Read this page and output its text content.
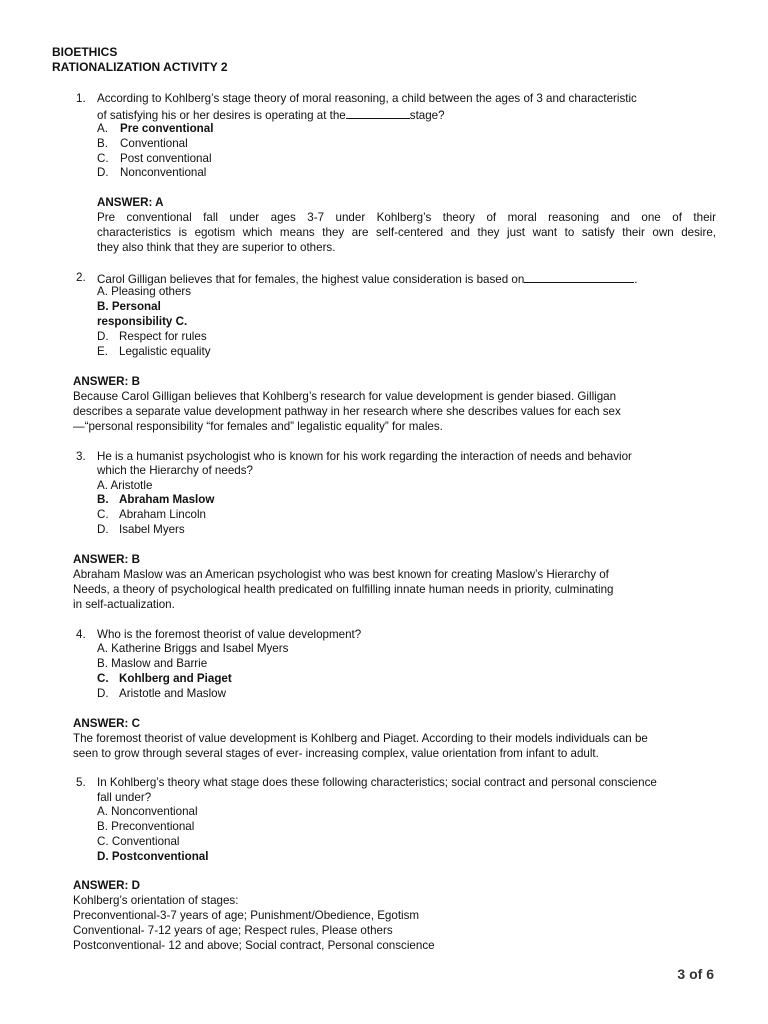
BIOETHICS
RATIONALIZATION ACTIVITY 2
1. According to Kohlberg’s stage theory of moral reasoning, a child between the ages of 3 and characteristic
of satisfying his or her desires is operating at the	stage?
A. Pre conventional
B. Conventional
C. Post conventional
D. Nonconventional
ANSWER: A
Pre conventional fall under ages 3-7 under Kohlberg’s theory of moral reasoning and one of their
characteristics is egotism which means they are self-centered and they just want to satisfy their own desire,
they also think that they are superior to others.
2. Carol Gilligan believes that for females, the highest value consideration is based on	.
A. Pleasing others
B. Personal
responsibility C.
D. Respect for rules
E. Legalistic equality
ANSWER: B
Because Carol Gilligan believes that Kohlberg’s research for value development is gender biased. Gilligan
describes a separate value development pathway in her research where she describes values for each sex
—“personal responsibility “for females and” legalistic equality” for males.
3. He is a humanist psychologist who is known for his work regarding the interaction of needs and behavior
which the Hierarchy of needs?
A. Aristotle
B. Abraham Maslow
C. Abraham Lincoln
D. Isabel Myers
ANSWER: B
Abraham Maslow was an American psychologist who was best known for creating Maslow’s Hierarchy of
Needs, a theory of psychological health predicated on fulfilling innate human needs in priority, culminating
in self-actualization.
4. Who is the foremost theorist of value development?
A. Katherine Briggs and Isabel Myers
B. Maslow and Barrie
C. Kohlberg and Piaget
D. Aristotle and Maslow
ANSWER: C
The foremost theorist of value development is Kohlberg and Piaget. According to their models individuals can be
seen to grow through several stages of ever- increasing complex, value orientation from infant to adult.
5. In Kohlberg’s theory what stage does these following characteristics; social contract and personal conscience
fall under?
A. Nonconventional
B. Preconventional
C. Conventional
D. Postconventional
ANSWER: D
Kohlberg’s orientation of stages:
Preconventional-3-7 years of age; Punishment/Obedience, Egotism
Conventional- 7-12 years of age; Respect rules, Please others
Postconventional- 12 and above; Social contract, Personal conscience
3 of 6
